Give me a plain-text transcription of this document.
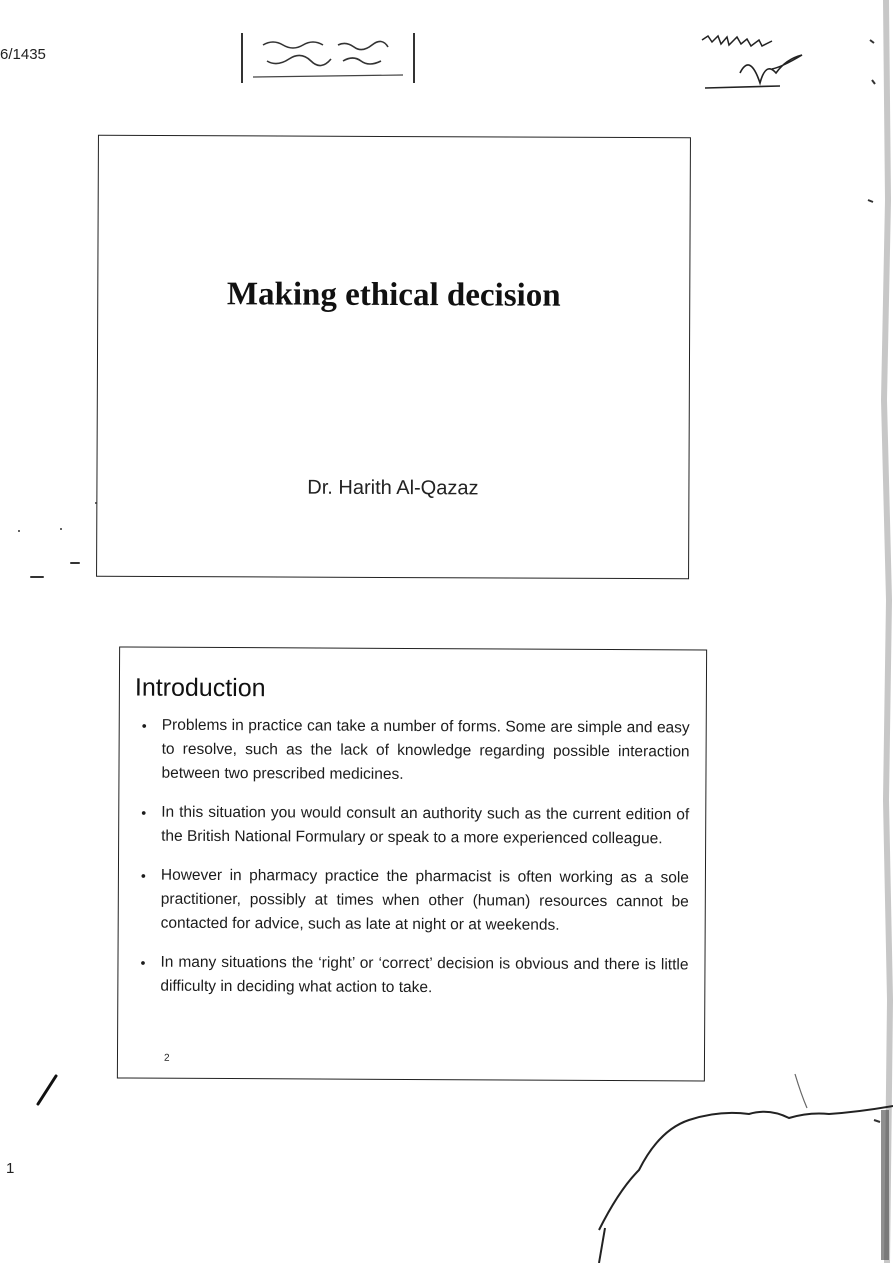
6/1435
Making ethical decision
Dr. Harith Al-Qazaz
Introduction
• Problems in practice can take a number of forms. Some are simple and easy to resolve, such as the lack of knowledge regarding possible interaction between two prescribed medicines.
• In this situation you would consult an authority such as the current edition of the British National Formulary or speak to a more experienced colleague.
• However in pharmacy practice the pharmacist is often working as a sole practitioner, possibly at times when other (human) resources cannot be contacted for advice, such as late at night or at weekends.
• In many situations the ‘right’ or ‘correct’ decision is obvious and there is little difficulty in deciding what action to take.
2
1
